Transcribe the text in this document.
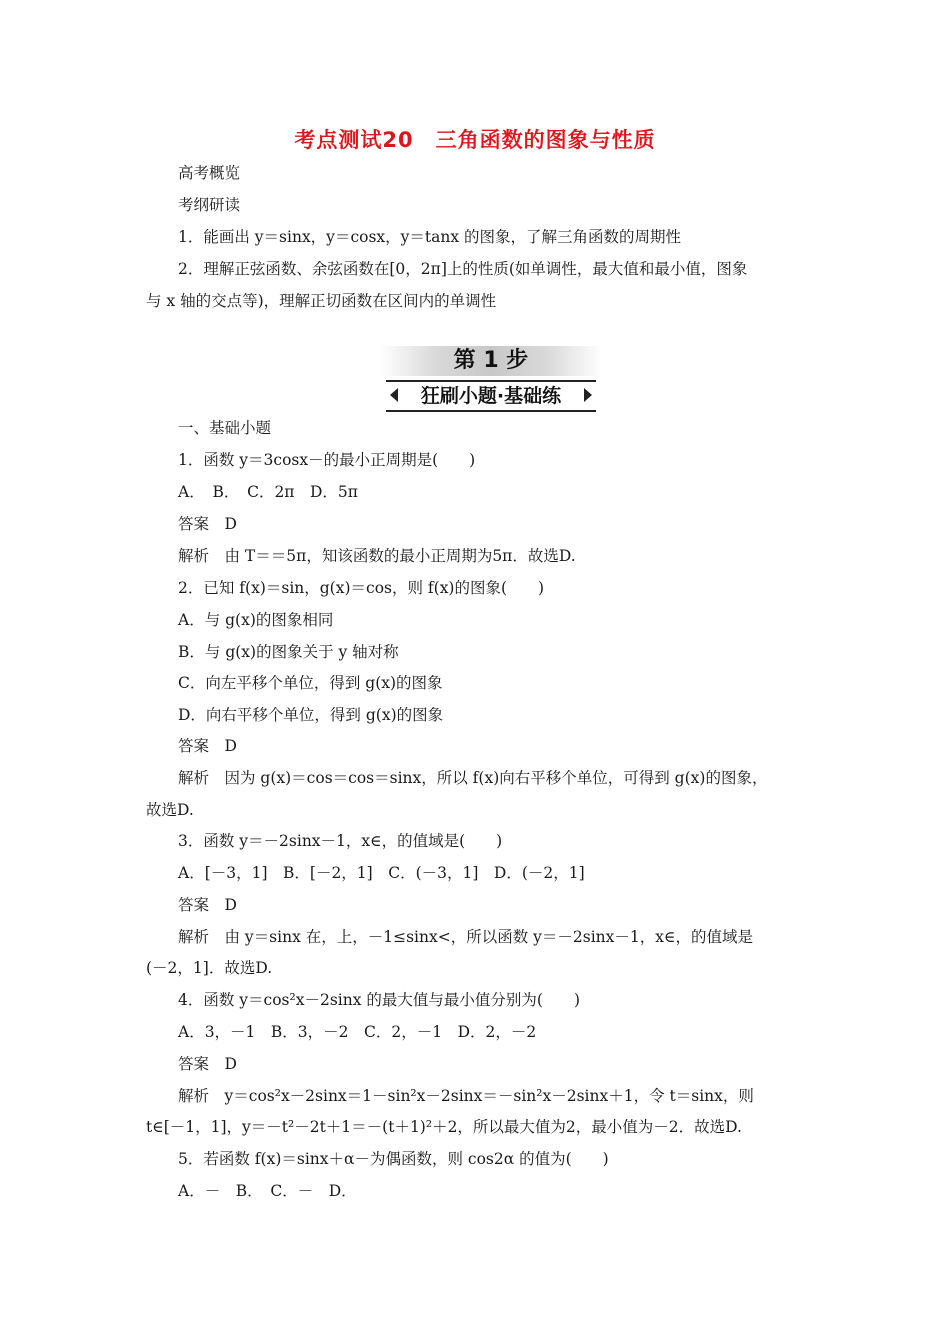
考点测试20　三角函数的图象与性质
高考概览
考纲研读
1．能画出 y＝sinx，y＝cosx，y＝tanx 的图象，了解三角函数的周期性
2．理解正弦函数、余弦函数在[0，2π]上的性质(如单调性，最大值和最小值，图象
与 x 轴的交点等)，理解正切函数在区间内的单调性
第 1 步
狂刷小题·基础练
一、基础小题
1．函数 y＝3cosx－的最小正周期是(　　)
A．　B．　C．2π　D．5π
答案　D
解析　由 T＝＝5π，知该函数的最小正周期为5π．故选D.
2．已知 f(x)＝sin，g(x)＝cos，则 f(x)的图象(　　)
A．与 g(x)的图象相同
B．与 g(x)的图象关于 y 轴对称
C．向左平移个单位，得到 g(x)的图象
D．向右平移个单位，得到 g(x)的图象
答案　D
解析　因为 g(x)＝cos＝cos＝sinx，所以 f(x)向右平移个单位，可得到 g(x)的图象，
故选D.
3．函数 y＝－2sinx－1，x∈，的值域是(　　)
A．[－3，1]　B．[－2，1]　C．(－3，1]　D．(－2，1]
答案　D
解析　由 y＝sinx 在，上，－1≤sinx<，所以函数 y＝－2sinx－1，x∈，的值域是
(－2，1]．故选D.
4．函数 y＝cos²x－2sinx 的最大值与最小值分别为(　　)
A．3，－1　B．3，－2　C．2，－1　D．2，－2
答案　D
解析　y＝cos²x－2sinx＝1－sin²x－2sinx＝－sin²x－2sinx＋1，令 t＝sinx，则
t∈[－1，1]，y＝－t²－2t＋1＝－(t＋1)²＋2，所以最大值为2，最小值为－2．故选D.
5．若函数 f(x)＝sinx＋α－为偶函数，则 cos2α 的值为(　　)
A．－　B．　C．－　D．
